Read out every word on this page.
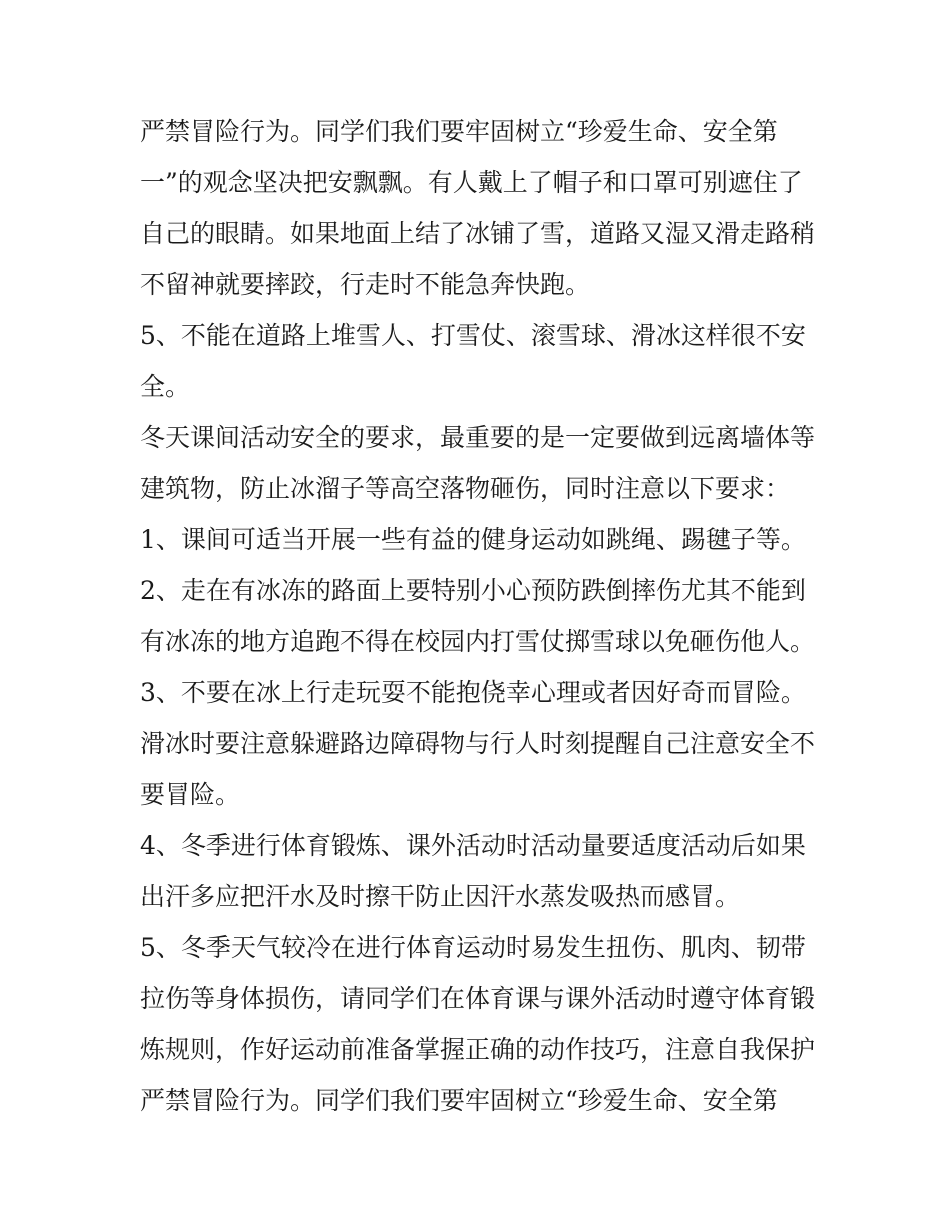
严禁冒险行为。同学们我们要牢固树立“珍爱生命、安全第
一”的观念坚决把安飘飘。有人戴上了帽子和口罩可别遮住了
自己的眼睛。如果地面上结了冰铺了雪，道路又湿又滑走路稍
不留神就要摔跤，行走时不能急奔快跑。
5、不能在道路上堆雪人、打雪仗、滚雪球、滑冰这样很不安
全。
冬天课间活动安全的要求，最重要的是一定要做到远离墙体等
建筑物，防止冰溜子等高空落物砸伤，同时注意以下要求：
1、课间可适当开展一些有益的健身运动如跳绳、踢毽子等。
2、走在有冰冻的路面上要特别小心预防跌倒摔伤尤其不能到
有冰冻的地方追跑不得在校园内打雪仗掷雪球以免砸伤他人。
3、不要在冰上行走玩耍不能抱侥幸心理或者因好奇而冒险。
滑冰时要注意躲避路边障碍物与行人时刻提醒自己注意安全不
要冒险。
4、冬季进行体育锻炼、课外活动时活动量要适度活动后如果
出汗多应把汗水及时擦干防止因汗水蒸发吸热而感冒。
5、冬季天气较冷在进行体育运动时易发生扭伤、肌肉、韧带
拉伤等身体损伤，请同学们在体育课与课外活动时遵守体育锻
炼规则，作好运动前准备掌握正确的动作技巧，注意自我保护
严禁冒险行为。同学们我们要牢固树立“珍爱生命、安全第
